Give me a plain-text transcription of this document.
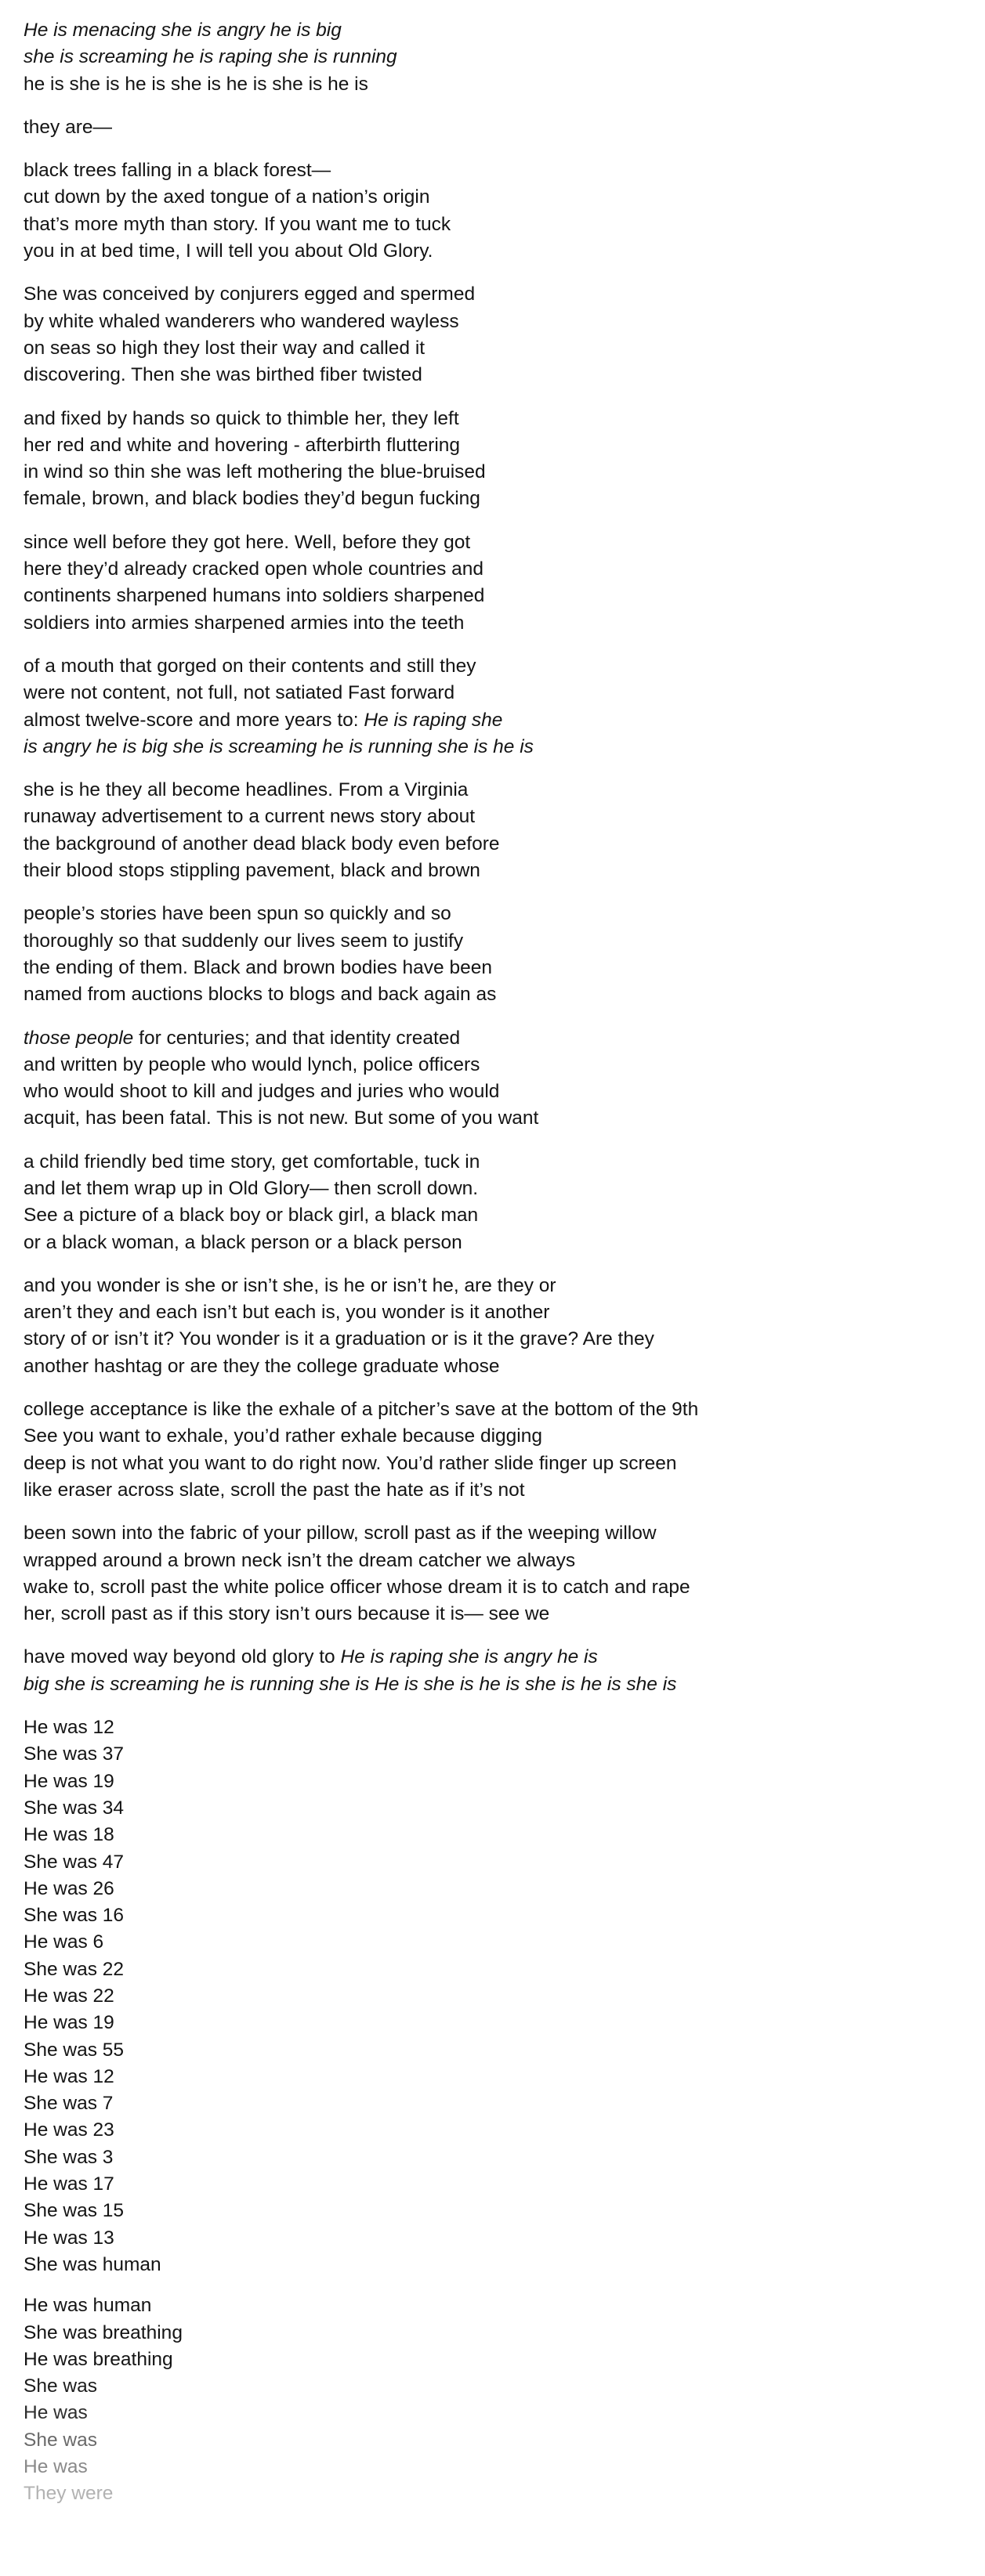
He is menacing she is angry he is big
she is screaming he is raping she is running
he is she is he is she is he is she is he is
they are—
black trees falling in a black forest—
cut down by the axed tongue of a nation’s origin
that’s more myth than story. If you want me to tuck
you in at bed time, I will tell you about Old Glory.
She was conceived by conjurers egged and spermed
by white whaled wanderers who wandered wayless
on seas so high they lost their way and called it
discovering. Then she was birthed fiber twisted
and fixed by hands so quick to thimble her, they left
her red and white and hovering - afterbirth fluttering
in wind so thin she was left mothering the blue-bruised
female, brown, and black bodies they’d begun fucking
since well before they got here. Well, before they got
here they’d already cracked open whole countries and
continents sharpened humans into soldiers sharpened
soldiers into armies sharpened armies into the teeth
of a mouth that gorged on their contents and still they
were not content, not full, not satiated Fast forward
almost twelve-score and more years to: He is raping she
is angry he is big she is screaming he is running she is he is
she is he they all become headlines. From a Virginia
runaway advertisement to a current news story about
the background of another dead black body even before
their blood stops stippling pavement, black and brown
people’s stories have been spun so quickly and so
thoroughly so that suddenly our lives seem to justify
the ending of them. Black and brown bodies have been
named from auctions blocks to blogs and back again as
those people for centuries; and that identity created
and written by people who would lynch, police officers
who would shoot to kill and judges and juries who would
acquit, has been fatal. This is not new. But some of you want
a child friendly bed time story, get comfortable, tuck in
and let them wrap up in Old Glory— then scroll down.
See a picture of a black boy or black girl, a black man
or a black woman, a black person or a black person
and you wonder is she or isn’t she, is he or isn’t he, are they or
aren’t they and each isn’t but each is, you wonder is it another
story of or isn’t it? You wonder is it a graduation or is it the grave? Are they
another hashtag or are they the college graduate whose
college acceptance is like the exhale of a pitcher’s save at the bottom of the 9th
See you want to exhale, you’d rather exhale because digging
deep is not what you want to do right now. You’d rather slide finger up screen
like eraser across slate, scroll the past the hate as if it’s not
been sown into the fabric of your pillow, scroll past as if the weeping willow
wrapped around a brown neck isn’t the dream catcher we always
wake to, scroll past the white police officer whose dream it is to catch and rape
her, scroll past as if this story isn’t ours because it is— see we
have moved way beyond old glory to He is raping she is angry he is
big she is screaming he is running she is He is she is he is she is he is she is
He was 12
She was 37
He was 19
She was 34
He was 18
She was 47
He was 26
She was 16
He was 6
She was 22
He was 22
He was 19
She was 55
He was 12
She was 7
He was 23
She was 3
He was 17
She was 15
He was 13
She was human
He was human
She was breathing
He was breathing
She was
He was
She was
He was
They were
